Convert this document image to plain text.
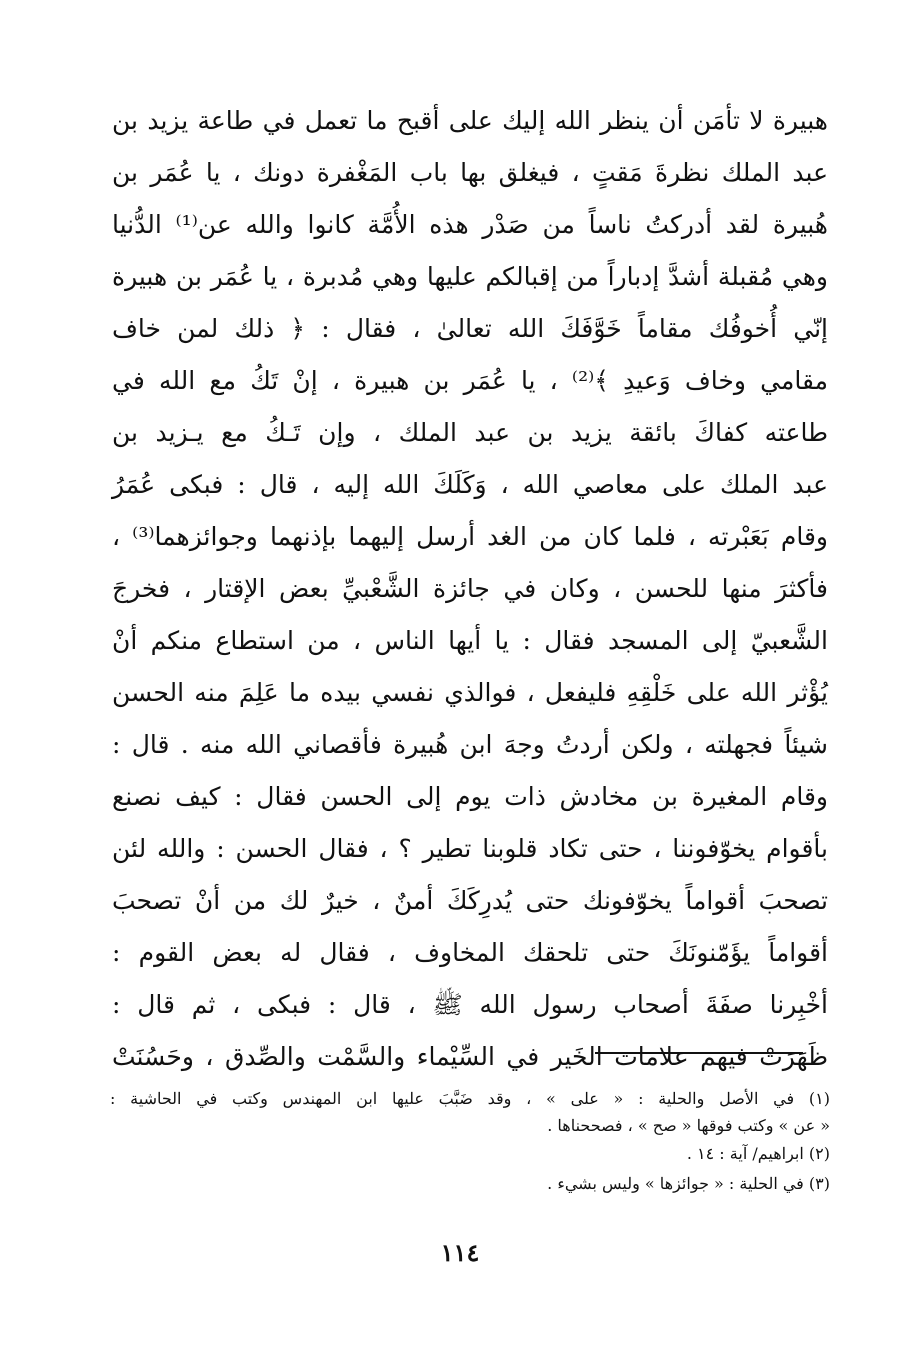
هبيرة لا تأمَن أن ينظر الله إليك على أقبح ما تعمل في طاعة يزيد بن
عبد الملك نظرةَ مَقتٍ ، فيغلق بها باب المَغْفرة دونك ، يا عُمَر بن
هُبيرة لقد أدركتُ ناساً من صَدْر هذه الأُمَّة كانوا والله عن⁽¹⁾ الدُّنيا
وهي مُقبلة أشدَّ إدباراً من إقبالكم عليها وهي مُدبرة ، يا عُمَر بن هبيرة
إنّي أُخوفُك مقاماً خَوَّفَكَ الله تعالىٰ ، فقال : ﴿ ذلك لمن خاف
مقامي وخاف وَعيدِ ﴾⁽²⁾ ، يا عُمَر بن هبيرة ، إنْ تَكُ مع الله في
طاعته كفاكَ بائقة يزيد بن عبد الملك ، وإن تَـكُ مع يـزيد بن
عبد الملك على معاصي الله ، وَكَلَكَ الله إليه ، قال : فبكى عُمَرُ
وقام بَعَبْرته ، فلما كان من الغد أرسل إليهما بإذنهما وجوائزهما⁽³⁾ ،
فأكثرَ منها للحسن ، وكان في جائزة الشَّعْبيِّ بعض الإقتار ، فخرجَ
الشَّعبيّ إلى المسجد فقال : يا أيها الناس ، من استطاع منكم أنْ
يُؤْثر الله على خَلْقِهِ فليفعل ، فوالذي نفسي بيده ما عَلِمَ منه الحسن
شيئاً فجهلته ، ولكن أردتُ وجهَ ابن هُبيرة فأقصاني الله منه . قال :
وقام المغيرة بن مخادش ذات يوم إلى الحسن فقال : كيف نصنع
بأقوام يخوّفوننا ، حتى تكاد قلوبنا تطير ؟ ، فقال الحسن : والله لئن
تصحبَ أقواماً يخوّفونك حتى يُدرِكَكَ أمنٌ ، خيرٌ لك من أنْ تصحبَ
أقواماً يؤَمّنونَكَ حتى تلحقك المخاوف ، فقال له بعض القوم :
أخْبِرنا صفَةَ أصحاب رسول الله ﷺ ، قال : فبكى ، ثم قال :
ظَهَرَتْ فيهم علامات الخَير في السِّيْماء والسَّمْت والصِّدق ، وحَسُنَتْ
(١) في الأصل والحلية : « على » ، وقد ضَبَّبَ عليها ابن المهندس وكتب في الحاشية :
« عن » وكتب فوقها « صح » ، فصححناها .
(٢) ابراهيم/ آية : ١٤ .
(٣) في الحلية : « جوائزها » وليس بشيء .
١١٤
